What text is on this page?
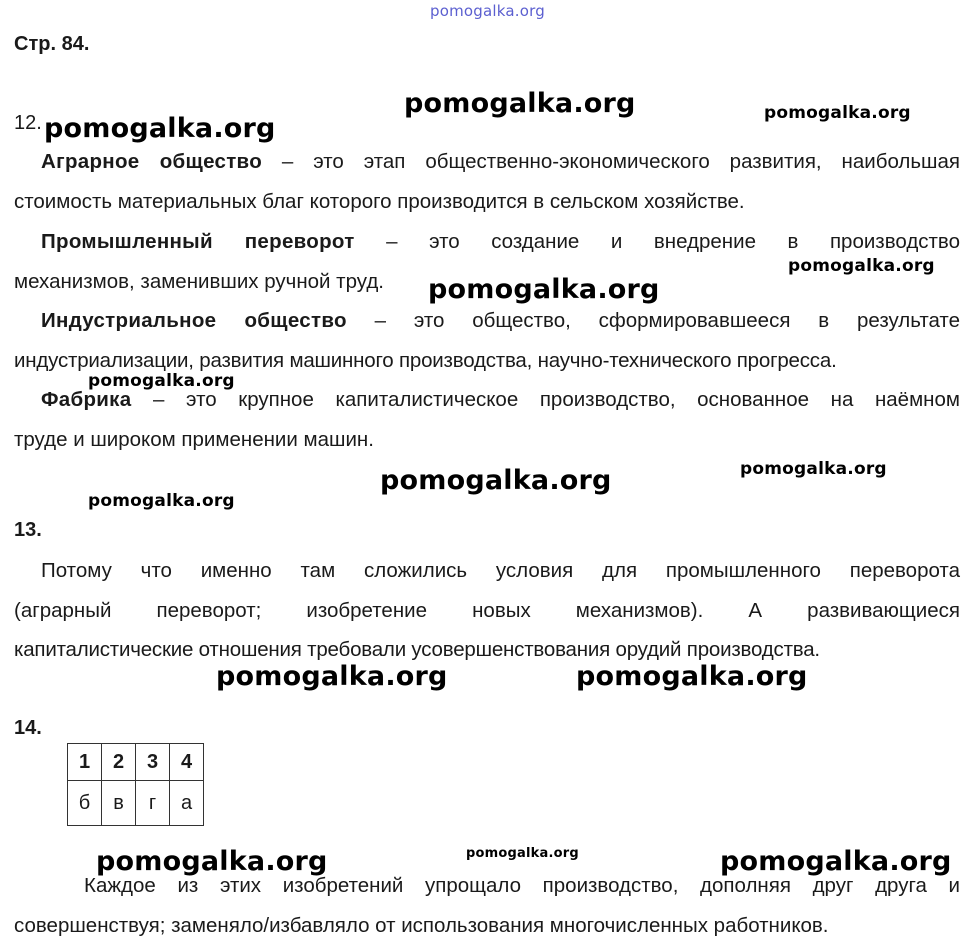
pomogalka.org
pomogalka.org	pomogalka.org
pomogalka.org
pomogalka.org
pomogalka.org
pomogalka.org
pomogalka.org
pomogalka.org
pomogalka.org
pomogalka.org	pomogalka.org
pomogalka.org	pomogalka.org	pomogalka.org
Стр. 84.
12.
Аграрное общество – это этап общественно-экономического развития, наибольшая
стоимость материальных благ которого производится в сельском хозяйстве.
Промышленный переворот – это создание и внедрение в производство
механизмов, заменивших ручной труд.
Индустриальное общество – это общество, сформировавшееся в результате
индустриализации, развития машинного производства, научно-технического прогресса.
Фабрика – это крупное капиталистическое производство, основанное на наёмном
труде и широком применении машин.
13.
Потому что именно там сложились условия для промышленного переворота
(аграрный переворот; изобретение новых механизмов). А развивающиеся
капиталистические отношения требовали усовершенствования орудий производства.
14.
1	2	3	4
б	в	г	а
Каждое из этих изобретений упрощало производство, дополняя друг друга и
совершенствуя; заменяло/избавляло от использования многочисленных работников.
